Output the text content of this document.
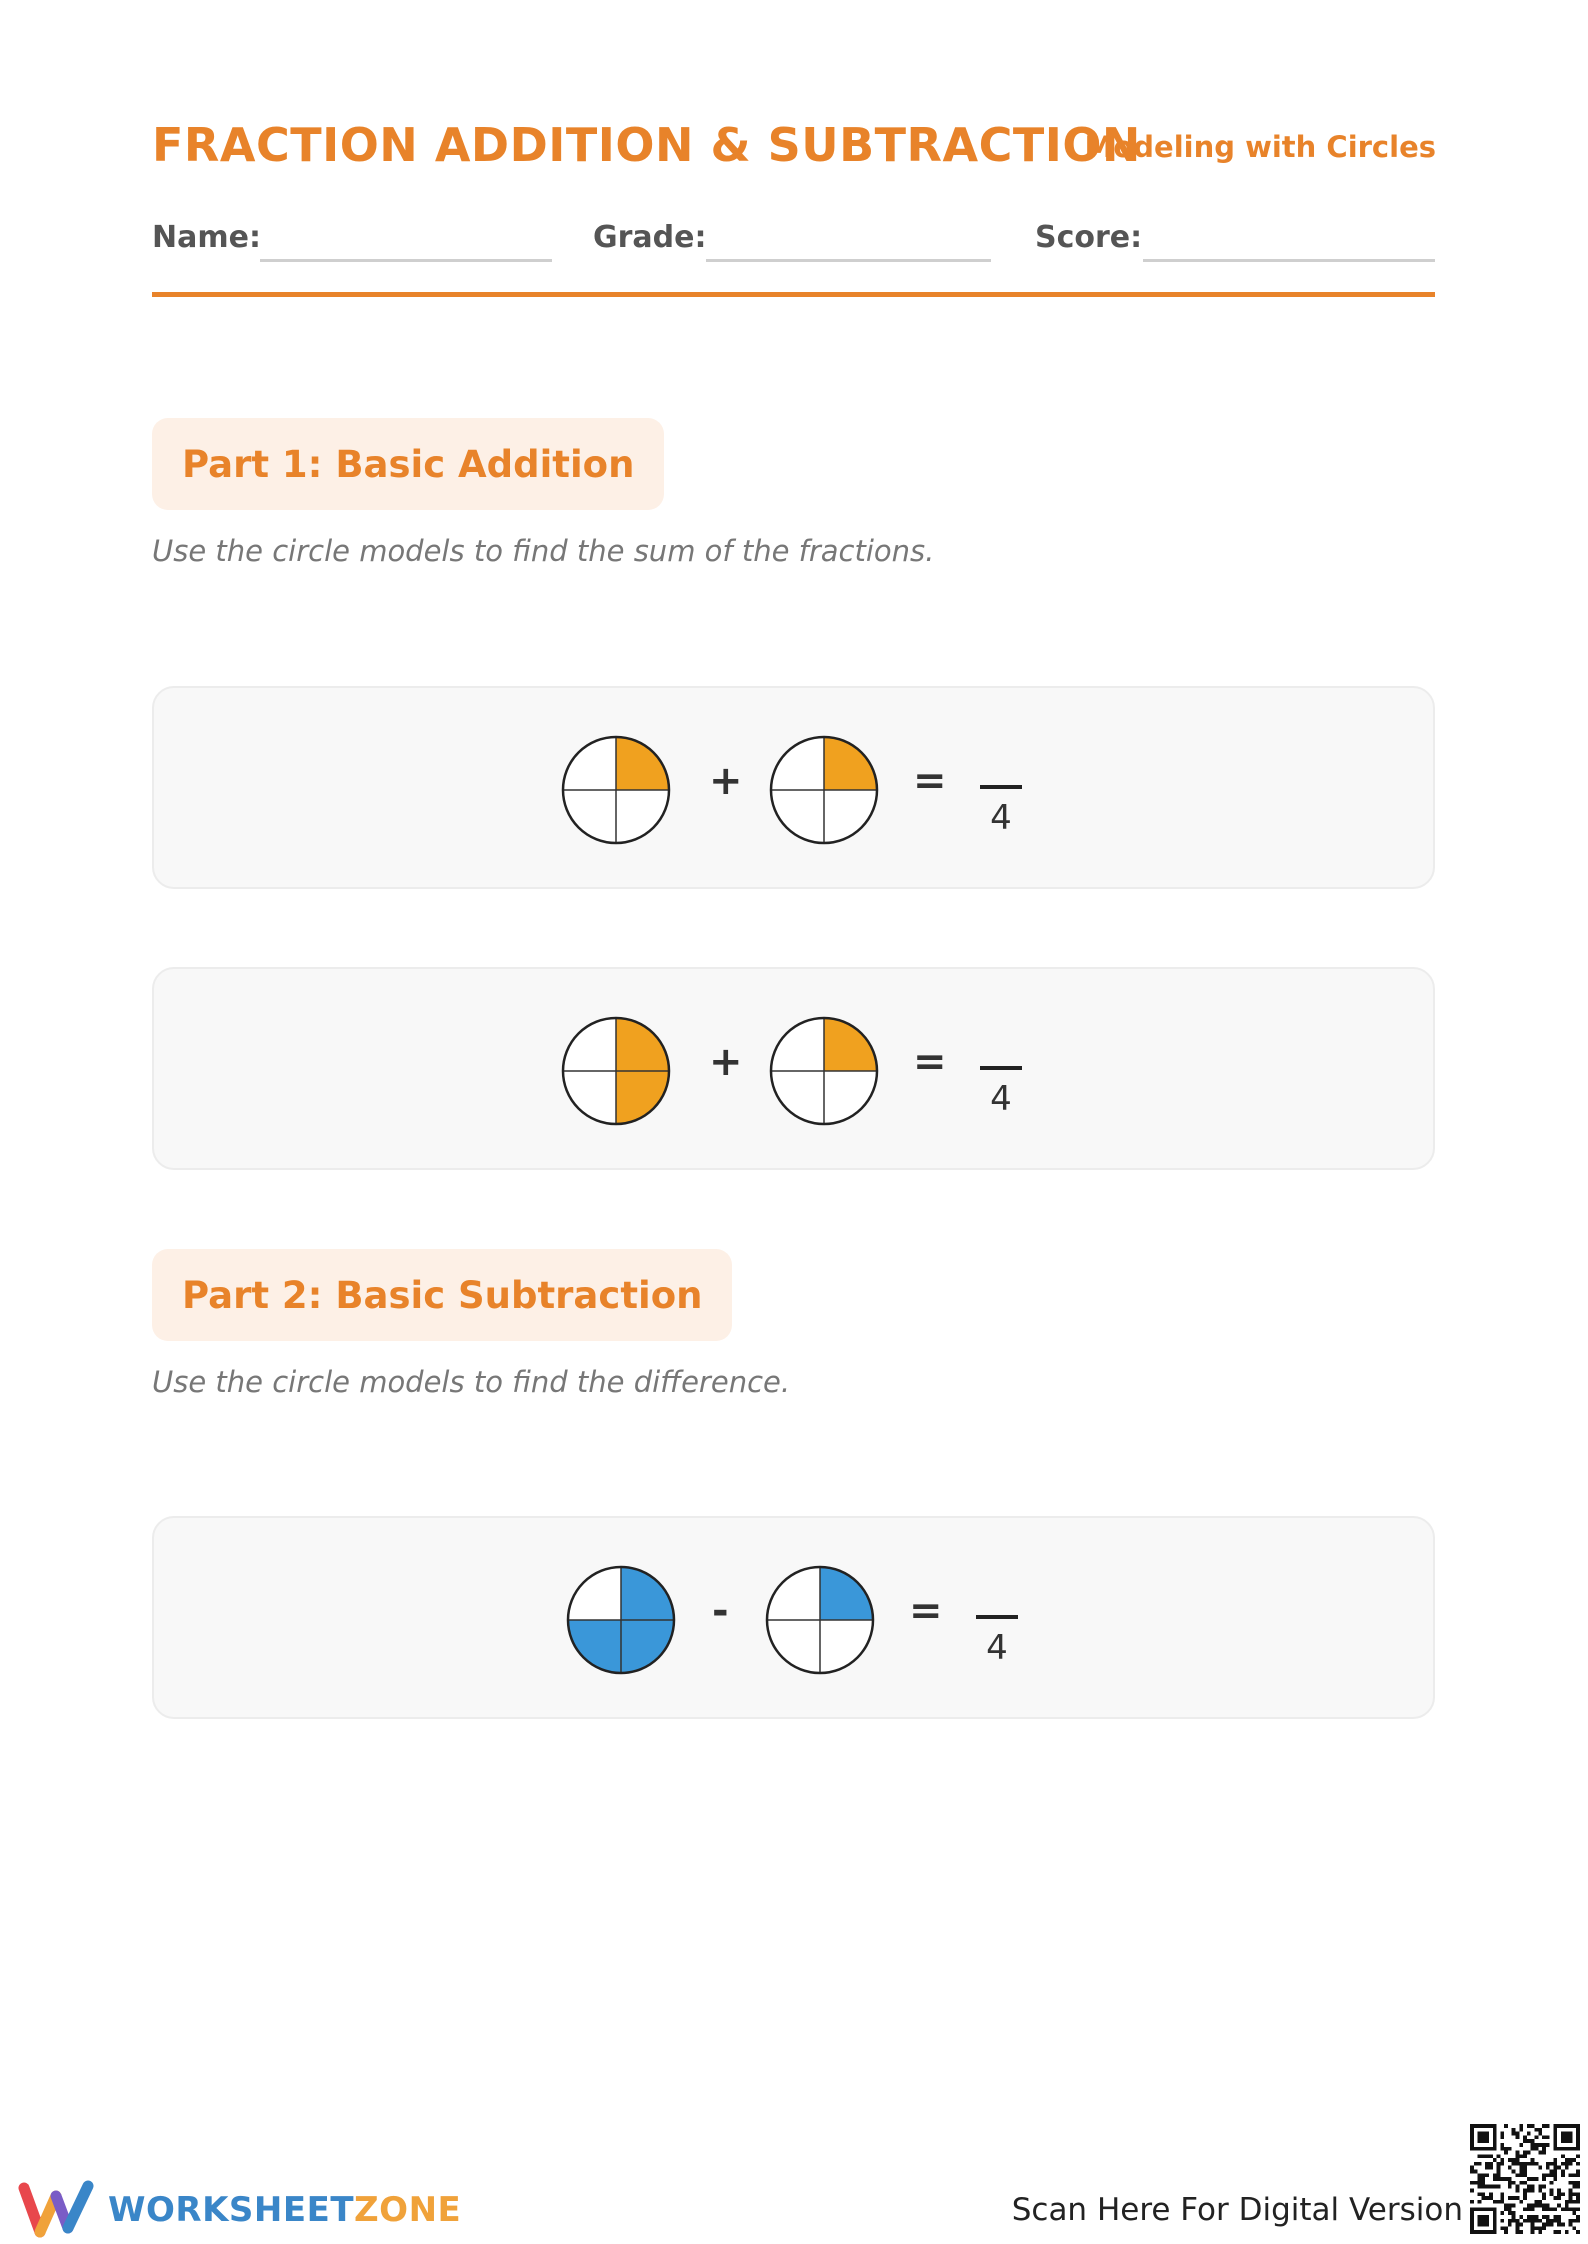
FRACTION ADDITION & SUBTRACTION
Modeling with Circles
Name:	Grade:	Score:
Part 1: Basic Addition
Use the circle models to find the sum of the fractions.
+	=
4
+	=
4
Part 2: Basic Subtraction
Use the circle models to find the difference.
-	=
4
WORKSHEETZONE	Scan Here For Digital Version
